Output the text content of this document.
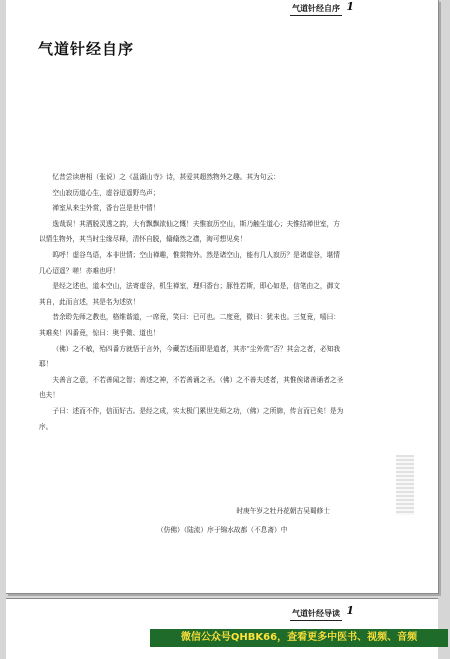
气道针经自序 1
气道针经自序

忆昔尝读唐相（张说）之《邕湖山寺》诗，甚爱其超然物外之趣。其为句云：

空山寂历道心生，虚谷迢遥野鸟声；

禅室从来尘外赏，香台岂是世中情！

逸哉误！其洒脱灵透之韵，大有飘飘欲仙之慨！夫惟寂历空山，斯乃触生道心；夫惟结禅世室，方以情生物外，其当时尘缘尽释，清怀自脱，翛翛然之襟，淘可想见矣！

呜呼！虚谷鸟语，本非世情；空山禅趣，惟赏物外。然是诸空山，能有几人寂历？是诸虚谷，堪情几心迢遥？嗟！亦难也吁！

是经之述也，道本空山，法寄虚谷，机生禅室，理归香台；豚性若斯，即心如是，信笔由之，御文其自，此而言述，其是名为述欤！

昔余聆先师之教也，格维谐道，一席竟，笑曰：已可也。二度竟，微曰：犹未也。三复竟，嘻曰：其难矣！四番竟，惊曰：奥乎微、道也！

（佛）之不敏，殆四番方就悟于言外，今藏苦述而即是道者，其亦“尘外赏”否？其会之者，必知我耶！

夫善言之意，不若善闻之智；善述之神，不若善诵之圣。（佛）之不善夫述者，其惟俟诸善诵者之圣也夫！

子曰：述而不作，信而好古。是经之成，实太极门累世先师之功，（佛）之所旆，传言而已矣！是为序。

时庚午岁之牡丹花朝古吴蜀修士
（仿佛）（陆流）序于锦水故都（不息斋）中
气道针经导读 1
微信公众号QHBK66，查看更多中医书、视频、音频
